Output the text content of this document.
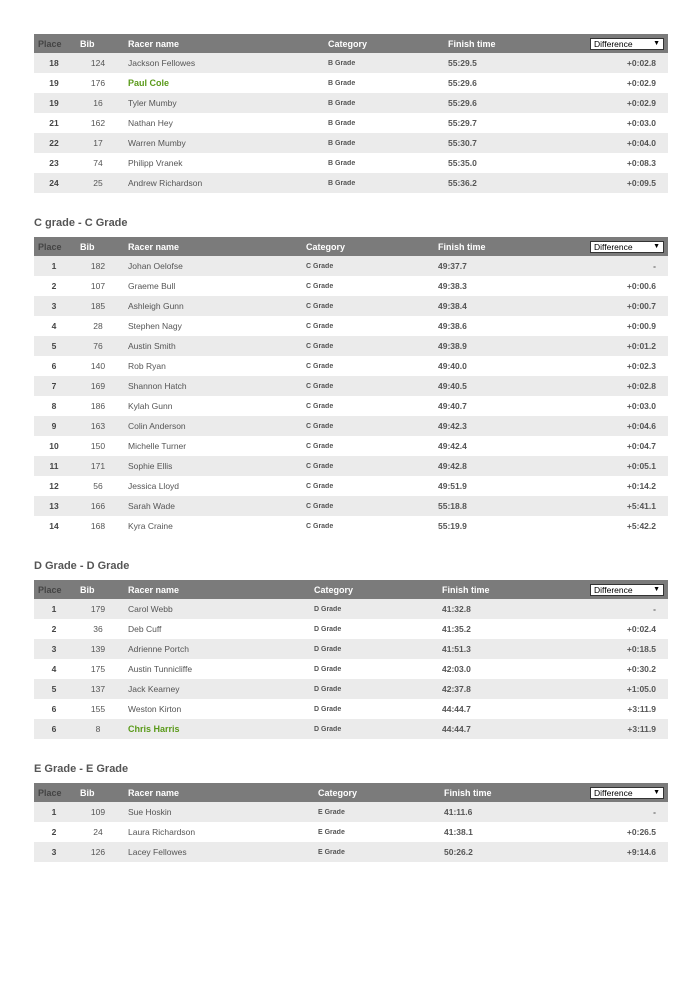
Place	Bib	Racer name	Category	Finish time	Difference	▼
18	124	Jackson Fellowes	B Grade	55:29.5	+0:02.8
19	176	Paul Cole	B Grade	55:29.6	+0:02.9
19	16	Tyler Mumby	B Grade	55:29.6	+0:02.9
21	162	Nathan Hey	B Grade	55:29.7	+0:03.0
22	17	Warren Mumby	B Grade	55:30.7	+0:04.0
23	74	Philipp Vranek	B Grade	55:35.0	+0:08.3
24	25	Andrew Richardson	B Grade	55:36.2	+0:09.5
C grade - C Grade
Place	Bib	Racer name	Category	Finish time	Difference	▼
1	182	Johan Oelofse	C Grade	49:37.7	-
2	107	Graeme Bull	C Grade	49:38.3	+0:00.6
3	185	Ashleigh Gunn	C Grade	49:38.4	+0:00.7
4	28	Stephen Nagy	C Grade	49:38.6	+0:00.9
5	76	Austin Smith	C Grade	49:38.9	+0:01.2
6	140	Rob Ryan	C Grade	49:40.0	+0:02.3
7	169	Shannon Hatch	C Grade	49:40.5	+0:02.8
8	186	Kylah Gunn	C Grade	49:40.7	+0:03.0
9	163	Colin Anderson	C Grade	49:42.3	+0:04.6
10	150	Michelle Turner	C Grade	49:42.4	+0:04.7
11	171	Sophie Ellis	C Grade	49:42.8	+0:05.1
12	56	Jessica Lloyd	C Grade	49:51.9	+0:14.2
13	166	Sarah Wade	C Grade	55:18.8	+5:41.1
14	168	Kyra Craine	C Grade	55:19.9	+5:42.2
D Grade - D Grade
Place	Bib	Racer name	Category	Finish time	Difference	▼
1	179	Carol Webb	D Grade	41:32.8	-
2	36	Deb Cuff	D Grade	41:35.2	+0:02.4
3	139	Adrienne Portch	D Grade	41:51.3	+0:18.5
4	175	Austin Tunnicliffe	D Grade	42:03.0	+0:30.2
5	137	Jack Kearney	D Grade	42:37.8	+1:05.0
6	155	Weston Kirton	D Grade	44:44.7	+3:11.9
6	8	Chris Harris	D Grade	44:44.7	+3:11.9
E Grade - E Grade
Place	Bib	Racer name	Category	Finish time	Difference	▼
1	109	Sue Hoskin	E Grade	41:11.6	-
2	24	Laura Richardson	E Grade	41:38.1	+0:26.5
3	126	Lacey Fellowes	E Grade	50:26.2	+9:14.6
